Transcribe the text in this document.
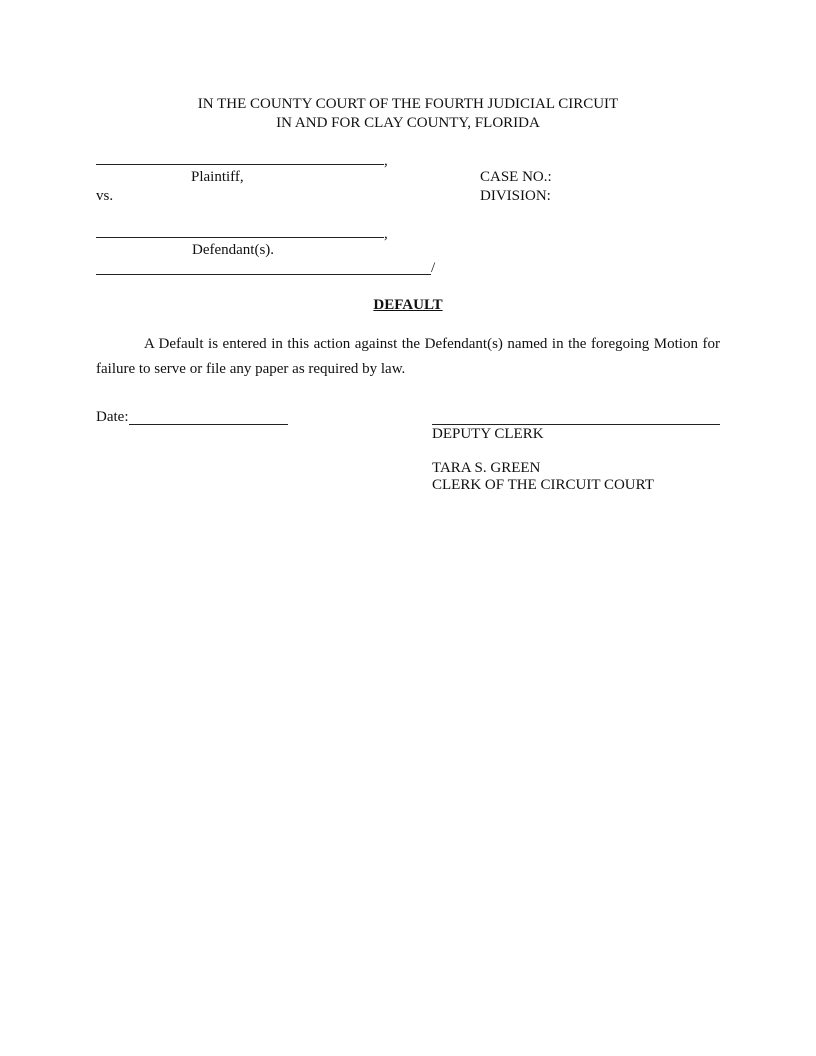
IN THE COUNTY COURT OF THE FOURTH JUDICIAL CIRCUIT
IN AND FOR CLAY COUNTY, FLORIDA
,
Plaintiff,
vs.
CASE NO.:
DIVISION:
,
Defendant(s).
/
DEFAULT
A Default is entered in this action against the Defendant(s) named in the foregoing Motion for failure to serve or file any paper as required by law.
Date:
DEPUTY CLERK
TARA S. GREEN
CLERK OF THE CIRCUIT COURT
